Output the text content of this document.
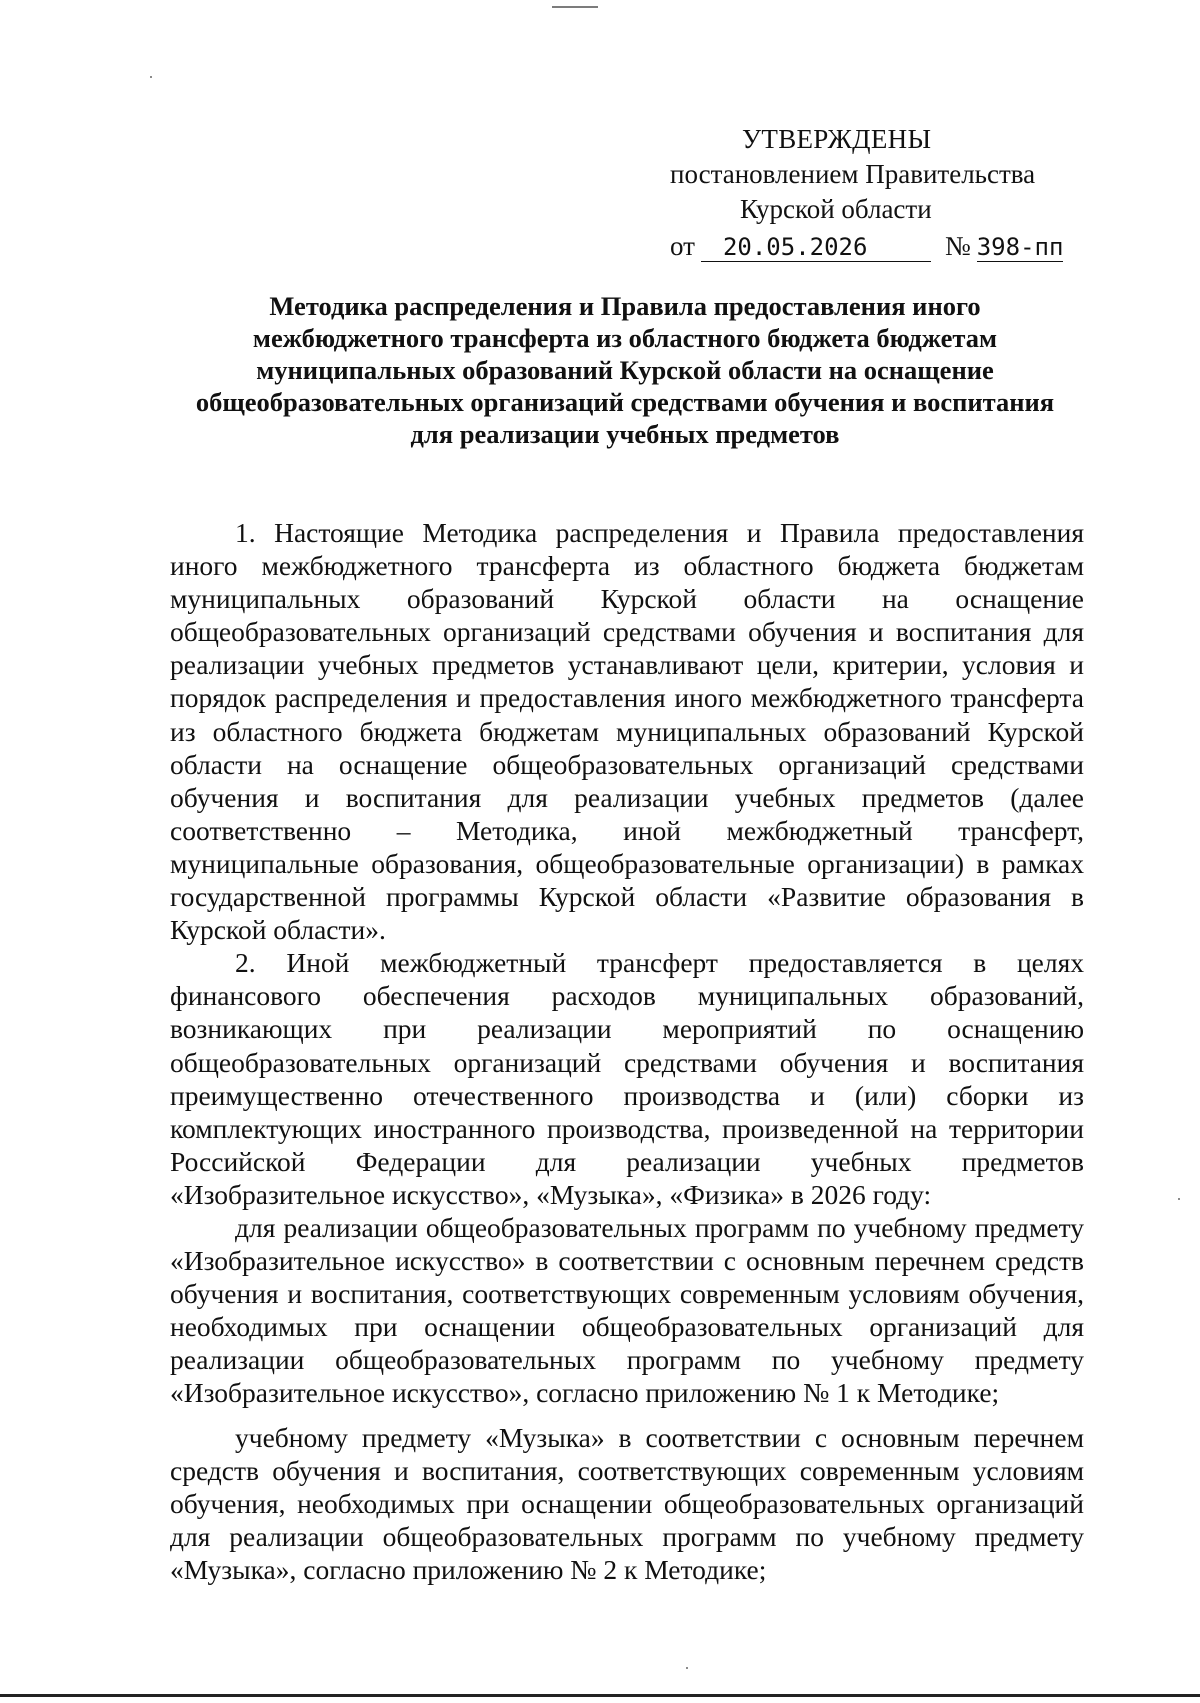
УТВЕРЖДЕНЫ
постановлением Правительства
Курской области
от	20.05.2026	№ 398-пп
Методика распределения и Правила предоставления иного
межбюджетного трансферта из областного бюджета бюджетам
муниципальных образований Курской области на оснащение
общеобразовательных организаций средствами обучения и воспитания
для реализации учебных предметов

1. Настоящие Методика распределения и Правила предоставления иного межбюджетного трансферта из областного бюджета бюджетам муниципальных образований Курской области на оснащение общеобразовательных организаций средствами обучения и воспитания для реализации учебных предметов устанавливают цели, критерии, условия и порядок распределения и предоставления иного межбюджетного трансферта из областного бюджета бюджетам муниципальных образований Курской области на оснащение общеобразовательных организаций средствами обучения и воспитания для реализации учебных предметов (далее соответственно – Методика, иной межбюджетный трансферт, муниципальные образования, общеобразовательные организации) в рамках государственной программы Курской области «Развитие образования в Курской области».

2. Иной межбюджетный трансферт предоставляется в целях финансового обеспечения расходов муниципальных образований, возникающих при реализации мероприятий по оснащению общеобразовательных организаций средствами обучения и воспитания преимущественно отечественного производства и (или) сборки из комплектующих иностранного производства, произведенной на территории Российской Федерации для реализации учебных предметов «Изобразительное искусство», «Музыка», «Физика» в 2026 году:

для реализации общеобразовательных программ по учебному предмету «Изобразительное искусство» в соответствии с основным перечнем средств обучения и воспитания, соответствующих современным условиям обучения, необходимых при оснащении общеобразовательных организаций для реализации общеобразовательных программ по учебному предмету «Изобразительное искусство», согласно приложению № 1 к Методике;

учебному предмету «Музыка» в соответствии с основным перечнем средств обучения и воспитания, соответствующих современным условиям обучения, необходимых при оснащении общеобразовательных организаций для реализации общеобразовательных программ по учебному предмету «Музыка», согласно приложению № 2 к Методике;
